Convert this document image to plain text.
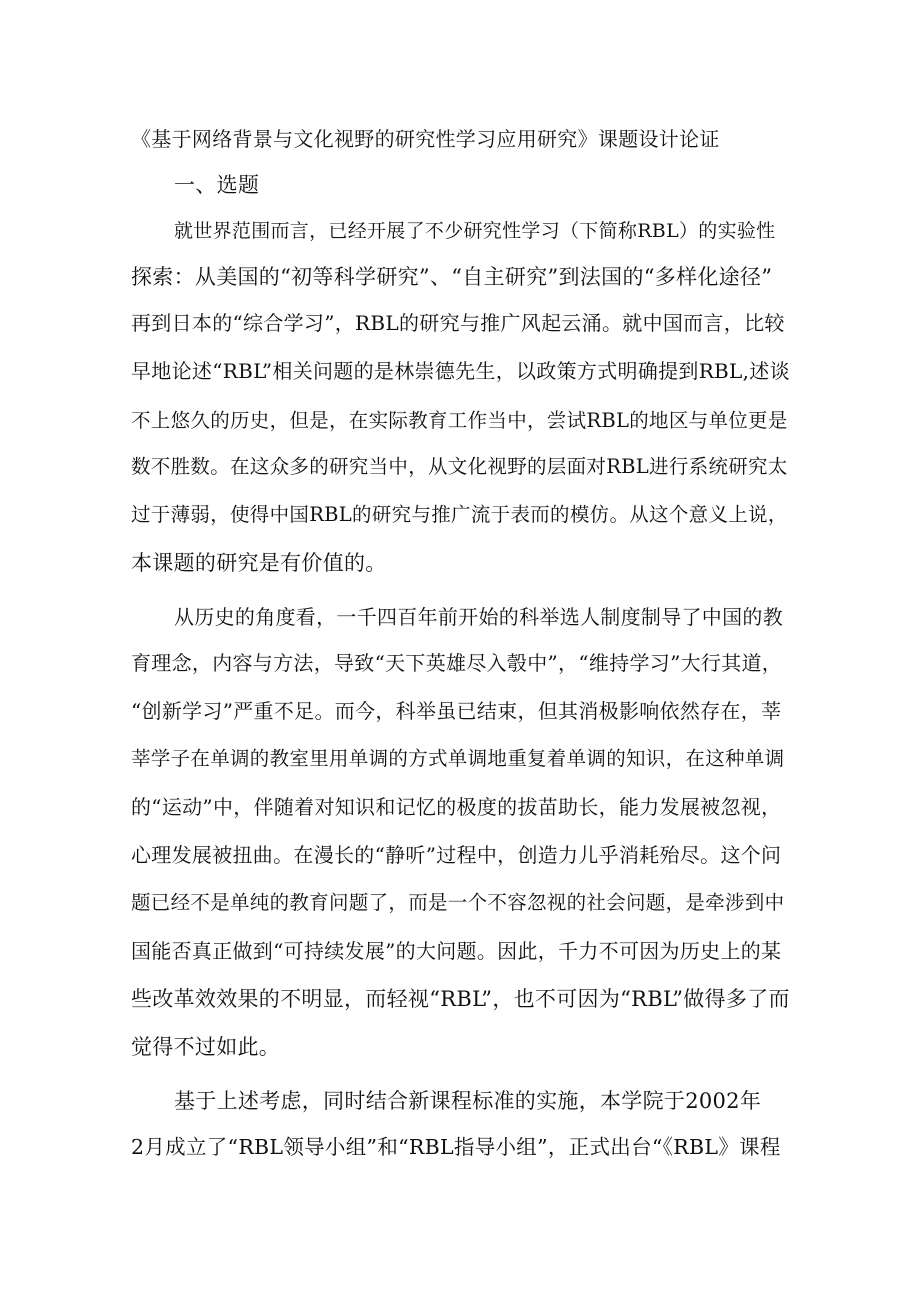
《基于网络背景与文化视野的研究性学习应用研究》课题设计论证
一、选题
就世界范围而言，已经开展了不少研究性学习（下简称RBL）的实验性
探索：从美国的“初等科学研究”、“自主研究”到法国的“多样化途径”
再到日本的“综合学习”，RBL的研究与推广风起云涌。就中国而言，比较
早地论述“RBL”相关问题的是林崇德先生，以政策方式明确提到RBL,述谈
不上悠久的历史，但是，在实际教育工作当中，尝试RBL的地区与单位更是
数不胜数。在这众多的研究当中，从文化视野的层面对RBL进行系统研究太
过于薄弱，使得中国RBL的研究与推广流于表而的模仿。从这个意义上说，
本课题的研究是有价值的。
从历史的角度看，一千四百年前开始的科举选人制度制导了中国的教
育理念，内容与方法，导致“天下英雄尽入彀中”，“维持学习”大行其道，
“创新学习”严重不足。而今，科举虽已结束，但其消极影响依然存在，莘
莘学子在单调的教室里用单调的方式单调地重复着单调的知识，在这种单调
的“运动”中，伴随着对知识和记忆的极度的拔苗助长，能力发展被忽视，
心理发展被扭曲。在漫长的“静听”过程中，创造力儿乎消耗殆尽。这个问
题已经不是单纯的教育问题了，而是一个不容忽视的社会问题，是牵涉到中
国能否真正做到“可持续发展”的大问题。因此，千力不可因为历史上的某
些改革效效果的不明显，而轻视“RBL”，也不可因为“RBL”做得多了而
觉得不过如此。
基于上述考虑，同时结合新课程标准的实施，本学院于2002年
2月成立了“RBL领导小组”和“RBL指导小组”，正式出台“《RBL》课程
